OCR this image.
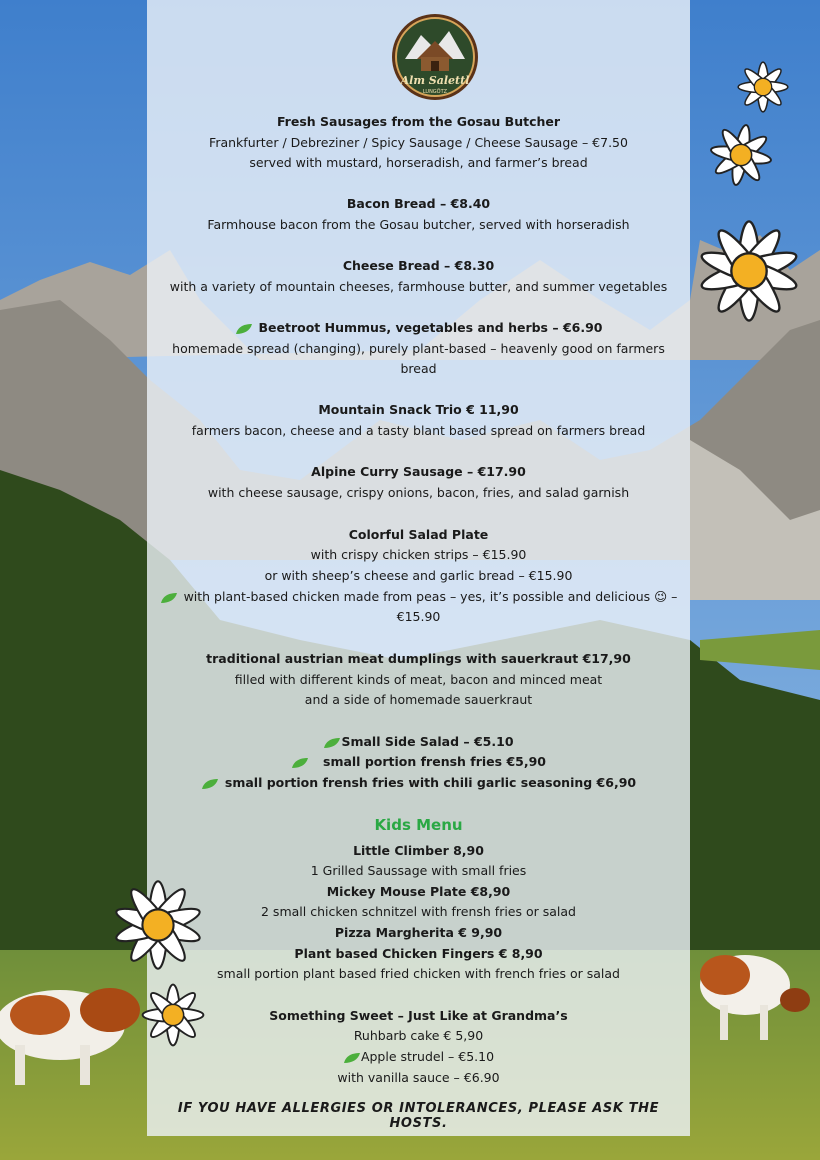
Alm Salettl
LUNGÖTZ
Fresh Sausages from the Gosau Butcher
Frankfurter / Debreziner / Spicy Sausage / Cheese Sausage – €7.50
served with mustard, horseradish, and farmer’s bread
Bacon Bread – €8.40
Farmhouse bacon from the Gosau butcher, served with horseradish
Cheese Bread – €8.30
with a variety of mountain cheeses, farmhouse butter, and summer vegetables
Beetroot Hummus, vegetables and herbs – €6.90
homemade spread (changing), purely plant-based – heavenly good on farmers
bread
Mountain Snack Trio € 11,90
farmers bacon, cheese and a tasty blant based spread on farmers bread
Alpine Curry Sausage – €17.90
with cheese sausage, crispy onions, bacon, fries, and salad garnish
Colorful Salad Plate
with crispy chicken strips – €15.90
or with sheep’s cheese and garlic bread – €15.90
with plant-based chicken made from peas – yes, it’s possible and delicious 😉 –
€15.90
traditional austrian meat dumplings with sauerkraut €17,90
filled with different kinds of meat, bacon and minced meat
and a side of homemade sauerkraut
Small Side Salad – €5.10
small portion frensh fries €5,90
small portion frensh fries with chili garlic seasoning €6,90
Kids Menu
Little Climber 8,90
1 Grilled Saussage with small fries
Mickey Mouse Plate €8,90
2 small chicken schnitzel with frensh fries or salad
Pizza Margherita € 9,90
Plant based Chicken Fingers € 8,90
small portion plant based fried chicken with french fries or salad
Something Sweet – Just Like at Grandma’s
Ruhbarb cake € 5,90
Apple strudel – €5.10
with vanilla sauce – €6.90
IF YOU HAVE ALLERGIES OR INTOLERANCES, PLEASE ASK THE HOSTS.
